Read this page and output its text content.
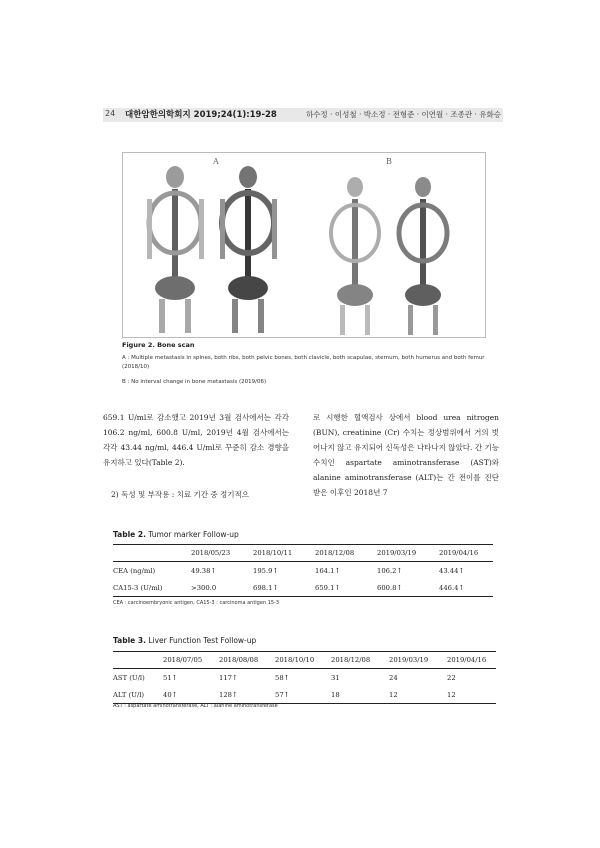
24 대한암한의학회지 2019;24(1):19-28	하수정 · 이성철 · 박소정 · 전형준 · 이연월 · 조종관 · 유화승
A	B
Figure 2. Bone scan
A : Multiple metastasis in spines, both ribs, both pelvic bones, both clavicle, both scapulae, sternum, both humerus and both femur (2018/10)
B : No interval change in bone metastasis (2019/06)
659.1 U/ml로 감소했고 2019년 3월 검사에서는 각각 106.2 ng/ml, 600.8 U/ml, 2019년 4월 검사에서는 각각 43.44 ng/ml, 446.4 U/ml로 꾸준히 감소 경향을 유지하고 있다(Table 2).
2) 독성 및 부작용 : 치료 기간 중 정기적으
로 시행한 혈액검사 상에서 blood urea nitrogen (BUN), creatinine (Cr) 수치는 정상범위에서 거의 벗어나지 않고 유지되어 신독성은 나타나지 않았다. 간 기능 수치인 aspartate aminotransferase (AST)와 alanine aminotransferase (ALT)는 간 전이를 진단 받은 이후인 2018년 7
Table 2. Tumor marker Follow-up
	2018/05/23	2018/10/11	2018/12/08	2019/03/19	2019/04/16
CEA (ng/ml)	49.38↑	195.9↑	164.1↑	106.2↑	43.44↑
CA15-3 (U/ml)	>300.0	698.1↑	659.1↑	600.8↑	446.4↑
CEA : carcinoembryonic antigen, CA15-3 : carcinoma antigen 15-3
Table 3. Liver Function Test Follow-up
	2018/07/05	2018/08/08	2018/10/10	2018/12/08	2019/03/19	2019/04/16
AST (U/l)	51↑	117↑	58↑	31	24	22
ALT (U/l)	40↑	128↑	57↑	18	12	12
AST : aspartate aminotransferase, ALT : alanine aminotransferase
